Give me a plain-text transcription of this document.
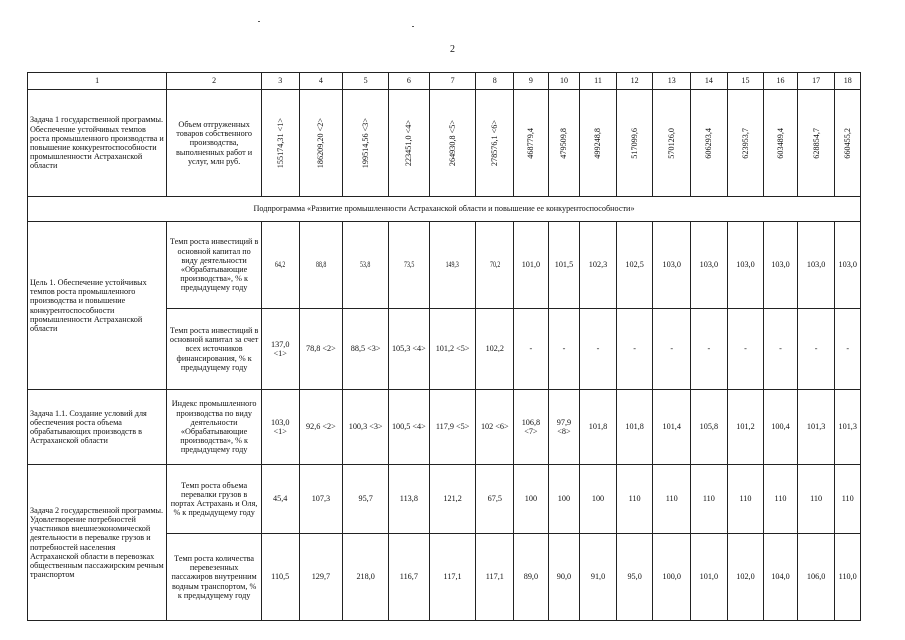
2
1	2	3	4	5	6	7	8	9	10	11	12	13	14	15	16	17	18
Задача 1 государственной программы. Обеспечение устойчивых темпов роста промышленного производства и повышение конкурентоспособности промышленности Астраханской области	Объем отгруженных товаров собственного производства, выполненных работ и услуг, млн руб.	155174,31 <1>	186209,20 <2>	199514,56 <3>	223451,0 <4>	264930,8 <5>	278576,1 <6>	468779,4	479509,8	499248,8	517099,6	570126,0	606293,4	623953,7	603489,4	628854,7	660455,2

Подпрограмма «Развитие промышленности Астраханской области и повышение ее конкурентоспособности»																	
Цель 1. Обеспечение устойчивых темпов роста промышленного производства и повышение конкурентоспособности промышленности Астраханской области	Темп роста инвестиций в основной капитал по виду деятельности «Обрабатывающие производства», % к предыдущему году	64,2	88,8	53,8	73,5	149,3	70,2	101,0	101,5	102,3	102,5	103,0	103,0	103,0	103,0	103,0	103,0
	Темп роста инвестиций в основной капитал за счет всех источников финансирования, % к предыдущему году	137,0 <1>	78,8 <2>	88,5 <3>	105,3 <4>	101,2 <5>	102,2	-	-	-	-	-	-	-	-	-	-
Задача 1.1. Создание условий для обеспечения роста объема обрабатывающих производств в Астраханской области	Индекс промышленного производства по виду деятельности «Обрабатывающие производства», % к предыдущему году	103,0 <1>	92,6 <2>	100,3 <3>	100,5 <4>	117,9 <5>	102 <6>	106,8 <7>	97,9 <8>	101,8	101,8	101,4	105,8	101,2	100,4	101,3	101,3
Задача 2 государственной программы. Удовлетворение потребностей участников внешнеэкономической деятельности в перевалке грузов и потребностей населения Астраханской области в перевозках общественным пассажирским речным транспортом	Темп роста объема перевалки грузов в портах Астрахань и Оля, % к предыдущему году	45,4	107,3	95,7	113,8	121,2	67,5	100	100	100	110	110	110	110	110	110	110
	Темп роста количества перевезенных пассажиров внутренним водным транспортом, % к предыдущему году	110,5	129,7	218,0	116,7	117,1	117,1	89,0	90,0	91,0	95,0	100,0	101,0	102,0	104,0	106,0	110,0
